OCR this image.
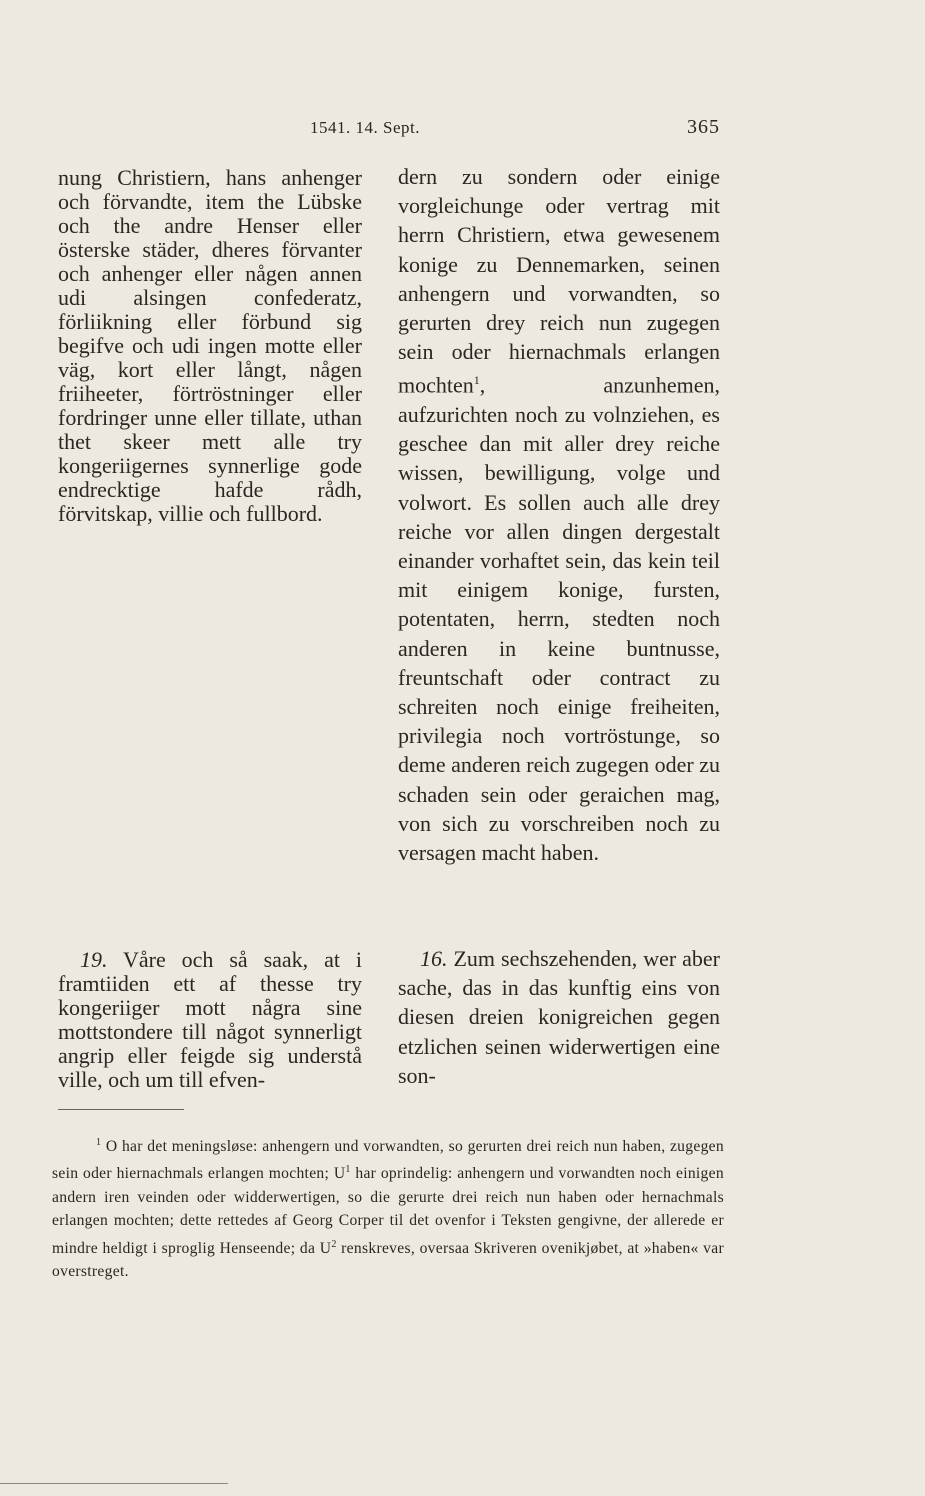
1541. 14. Sept.	365

nung Christiern, hans anhenger och förvandte, item the Lübske och the andre Henser eller österske städer, dheres förvanter och anhenger eller någen annen udi alsingen confederatz, förliikning eller förbund sig begifve och udi ingen motte eller väg, kort eller långt, någen friiheeter, förtröstninger eller fordringer unne eller tillate, uthan thet skeer mett alle try kongeriigernes synnerlige gode endrecktige hafde rådh, förvitskap, villie och fullbord.

 19. Våre och så saak, at i framtiiden ett af thesse try kongeriiger mott några sine mottstondere till något synnerligt angrip eller feigde sig understå ville, och um till efven-

dern zu sondern oder einige vorgleichunge oder vertrag mit herrn Christiern, etwa gewesenem konige zu Dennemarken, seinen anhengern und vorwandten, so gerurten drey reich nun zugegen sein oder hiernachmals erlangen mochten$^1$, anzunhemen, aufzurichten noch zu volnziehen, es geschee dan mit aller drey reiche wissen, bewilligung, volge und volwort. Es sollen auch alle drey reiche vor allen dingen dergestalt einander vorhaftet sein, das kein teil mit einigem konige, fursten, potentaten, herrn, stedten noch anderen in keine buntnusse, freuntschaft oder contract zu schreiten noch einige freiheiten, privilegia noch vortröstunge, so deme anderen reich zugegen oder zu schaden sein oder geraichen mag, von sich zu vorschreiben noch zu versagen macht haben.

 16. Zum sechszehenden, wer aber sache, das in das kunftig eins von diesen dreien konigreichen gegen etzlichen seinen widerwertigen eine son-

$^1$ O har det meningsløse: anhengern und vorwandten, so gerurten drei reich nun haben, zugegen sein oder hiernachmals erlangen mochten; $U^1$ har oprindelig: anhengern und vorwandten noch einigen andern iren veinden oder widderwertigen, so die gerurte drei reich nun haben oder hernachmals erlangen mochten; dette rettedes af Georg Corper til det ovenfor i Teksten gengivne, der allerede er mindre heldigt i sproglig Henseende; da $U^2$ renskreves, oversaa Skriveren ovenikjøbet, at »haben« var overstreget.
